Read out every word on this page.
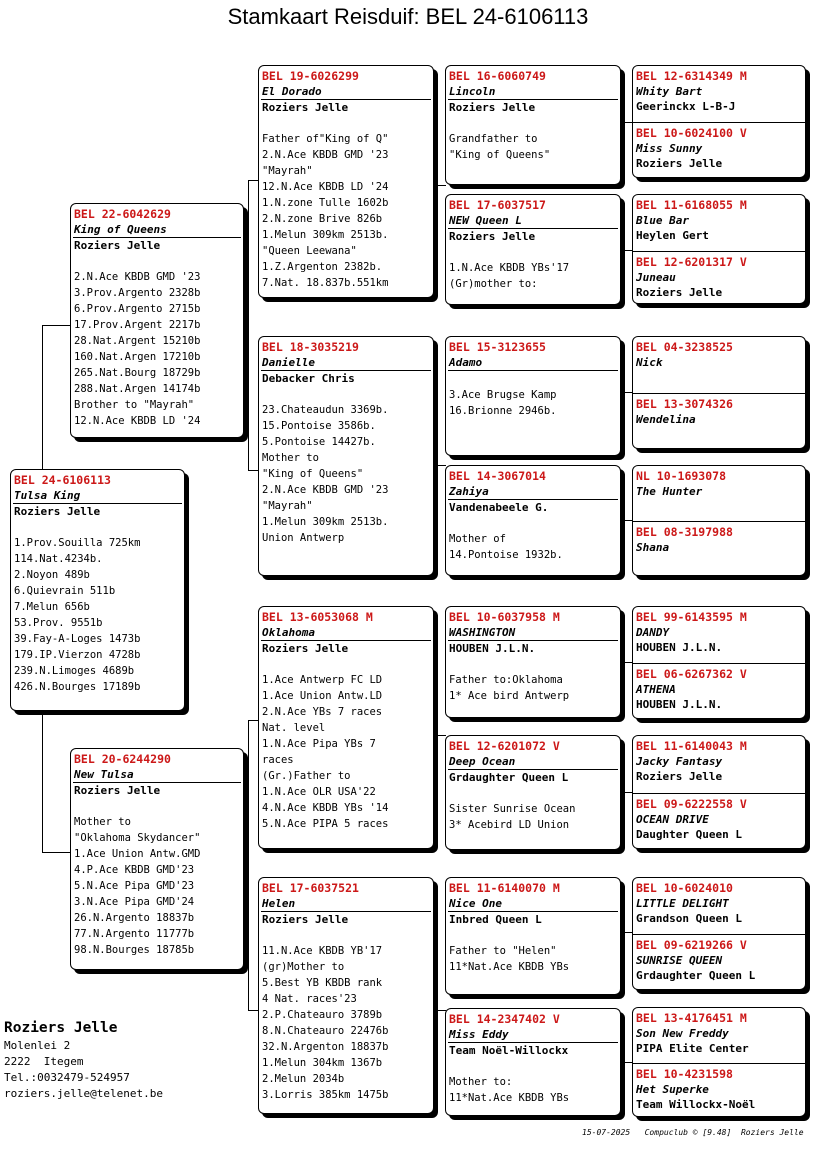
Stamkaart Reisduif: BEL 24-6106113
BEL 24-6106113
Tulsa King
Roziers Jelle
1.Prov.Souilla 725km
114.Nat.4234b.
2.Noyon 489b
6.Quievrain 511b
7.Melun 656b
53.Prov. 9551b
39.Fay-A-Loges 1473b
179.IP.Vierzon 4728b
239.N.Limoges 4689b
426.N.Bourges 17189b
BEL 22-6042629
King of Queens
Roziers Jelle
2.N.Ace KBDB GMD '23
3.Prov.Argento 2328b
6.Prov.Argento 2715b
17.Prov.Argent 2217b
28.Nat.Argent 15210b
160.Nat.Argen 17210b
265.Nat.Bourg 18729b
288.Nat.Argen 14174b
Brother to "Mayrah"
12.N.Ace KBDB LD '24
BEL 20-6244290
New Tulsa
Roziers Jelle
Mother to
"Oklahoma Skydancer"
1.Ace Union Antw.GMD
4.P.Ace KBDB GMD'23
5.N.Ace Pipa GMD'23
3.N.Ace Pipa GMD'24
26.N.Argento 18837b
77.N.Argento 11777b
98.N.Bourges 18785b
BEL 19-6026299
El Dorado
Roziers Jelle
Father of"King of Q"
2.N.Ace KBDB GMD '23
"Mayrah"
12.N.Ace KBDB LD '24
1.N.zone Tulle 1602b
2.N.zone Brive 826b
1.Melun 309km 2513b.
"Queen Leewana"
1.Z.Argenton 2382b.
7.Nat. 18.837b.551km
BEL 18-3035219
Danielle
Debacker Chris
23.Chateaudun 3369b.
15.Pontoise 3586b.
5.Pontoise 14427b.
Mother to
"King of Queens"
2.N.Ace KBDB GMD '23
"Mayrah"
1.Melun 309km 2513b.
Union Antwerp
BEL 13-6053068 M
Oklahoma
Roziers Jelle
1.Ace Antwerp FC LD
1.Ace Union Antw.LD
2.N.Ace YBs 7 races
Nat. level
1.N.Ace Pipa YBs 7
races
(Gr.)Father to
1.N.Ace OLR USA'22
4.N.Ace KBDB YBs '14
5.N.Ace PIPA 5 races
BEL 17-6037521
Helen
Roziers Jelle
11.N.Ace KBDB YB'17
(gr)Mother to
5.Best YB KBDB rank
4 Nat. races'23
2.P.Chateauro 3789b
8.N.Chateauro 22476b
32.N.Argenton 18837b
1.Melun 304km 1367b
2.Melun 2034b
3.Lorris 385km 1475b
BEL 16-6060749
Lincoln
Roziers Jelle
Grandfather to
"King of Queens"
BEL 17-6037517
NEW Queen L
Roziers Jelle
1.N.Ace KBDB YBs'17
(Gr)mother to:
BEL 15-3123655
Adamo
3.Ace Brugse Kamp
16.Brionne 2946b.
BEL 14-3067014
Zahiya
Vandenabeele G.
Mother of
14.Pontoise 1932b.
BEL 10-6037958 M
WASHINGTON
HOUBEN J.L.N.
Father to:Oklahoma
1* Ace bird Antwerp
BEL 12-6201072 V
Deep Ocean
Grdaughter Queen L
Sister Sunrise Ocean
3* Acebird LD Union
BEL 11-6140070 M
Nice One
Inbred Queen L
Father to "Helen"
11*Nat.Ace KBDB YBs
BEL 14-2347402 V
Miss Eddy
Team Noël-Willockx
Mother to:
11*Nat.Ace KBDB YBs
BEL 12-6314349 M
Whity Bart
Geerinckx L-B-J
BEL 10-6024100 V
Miss Sunny
Roziers Jelle
BEL 11-6168055 M
Blue Bar
Heylen Gert
BEL 12-6201317 V
Juneau
Roziers Jelle
BEL 04-3238525
Nick
BEL 13-3074326
Wendelina
NL 10-1693078
The Hunter
BEL 08-3197988
Shana
BEL 99-6143595 M
DANDY
HOUBEN J.L.N.
BEL 06-6267362 V
ATHENA
HOUBEN J.L.N.
BEL 11-6140043 M
Jacky Fantasy
Roziers Jelle
BEL 09-6222558 V
OCEAN DRIVE
Daughter Queen L
BEL 10-6024010
LITTLE DELIGHT
Grandson Queen L
BEL 09-6219266 V
SUNRISE QUEEN
Grdaughter Queen L
BEL 13-4176451 M
Son New Freddy
PIPA Elite Center
BEL 10-4231598
Het Superke
Team Willockx-Noël
Roziers Jelle
Molenlei 2
2222  Itegem
Tel.:0032479-524957
roziers.jelle@telenet.be
15-07-2025   Compuclub © [9.48]  Roziers Jelle
